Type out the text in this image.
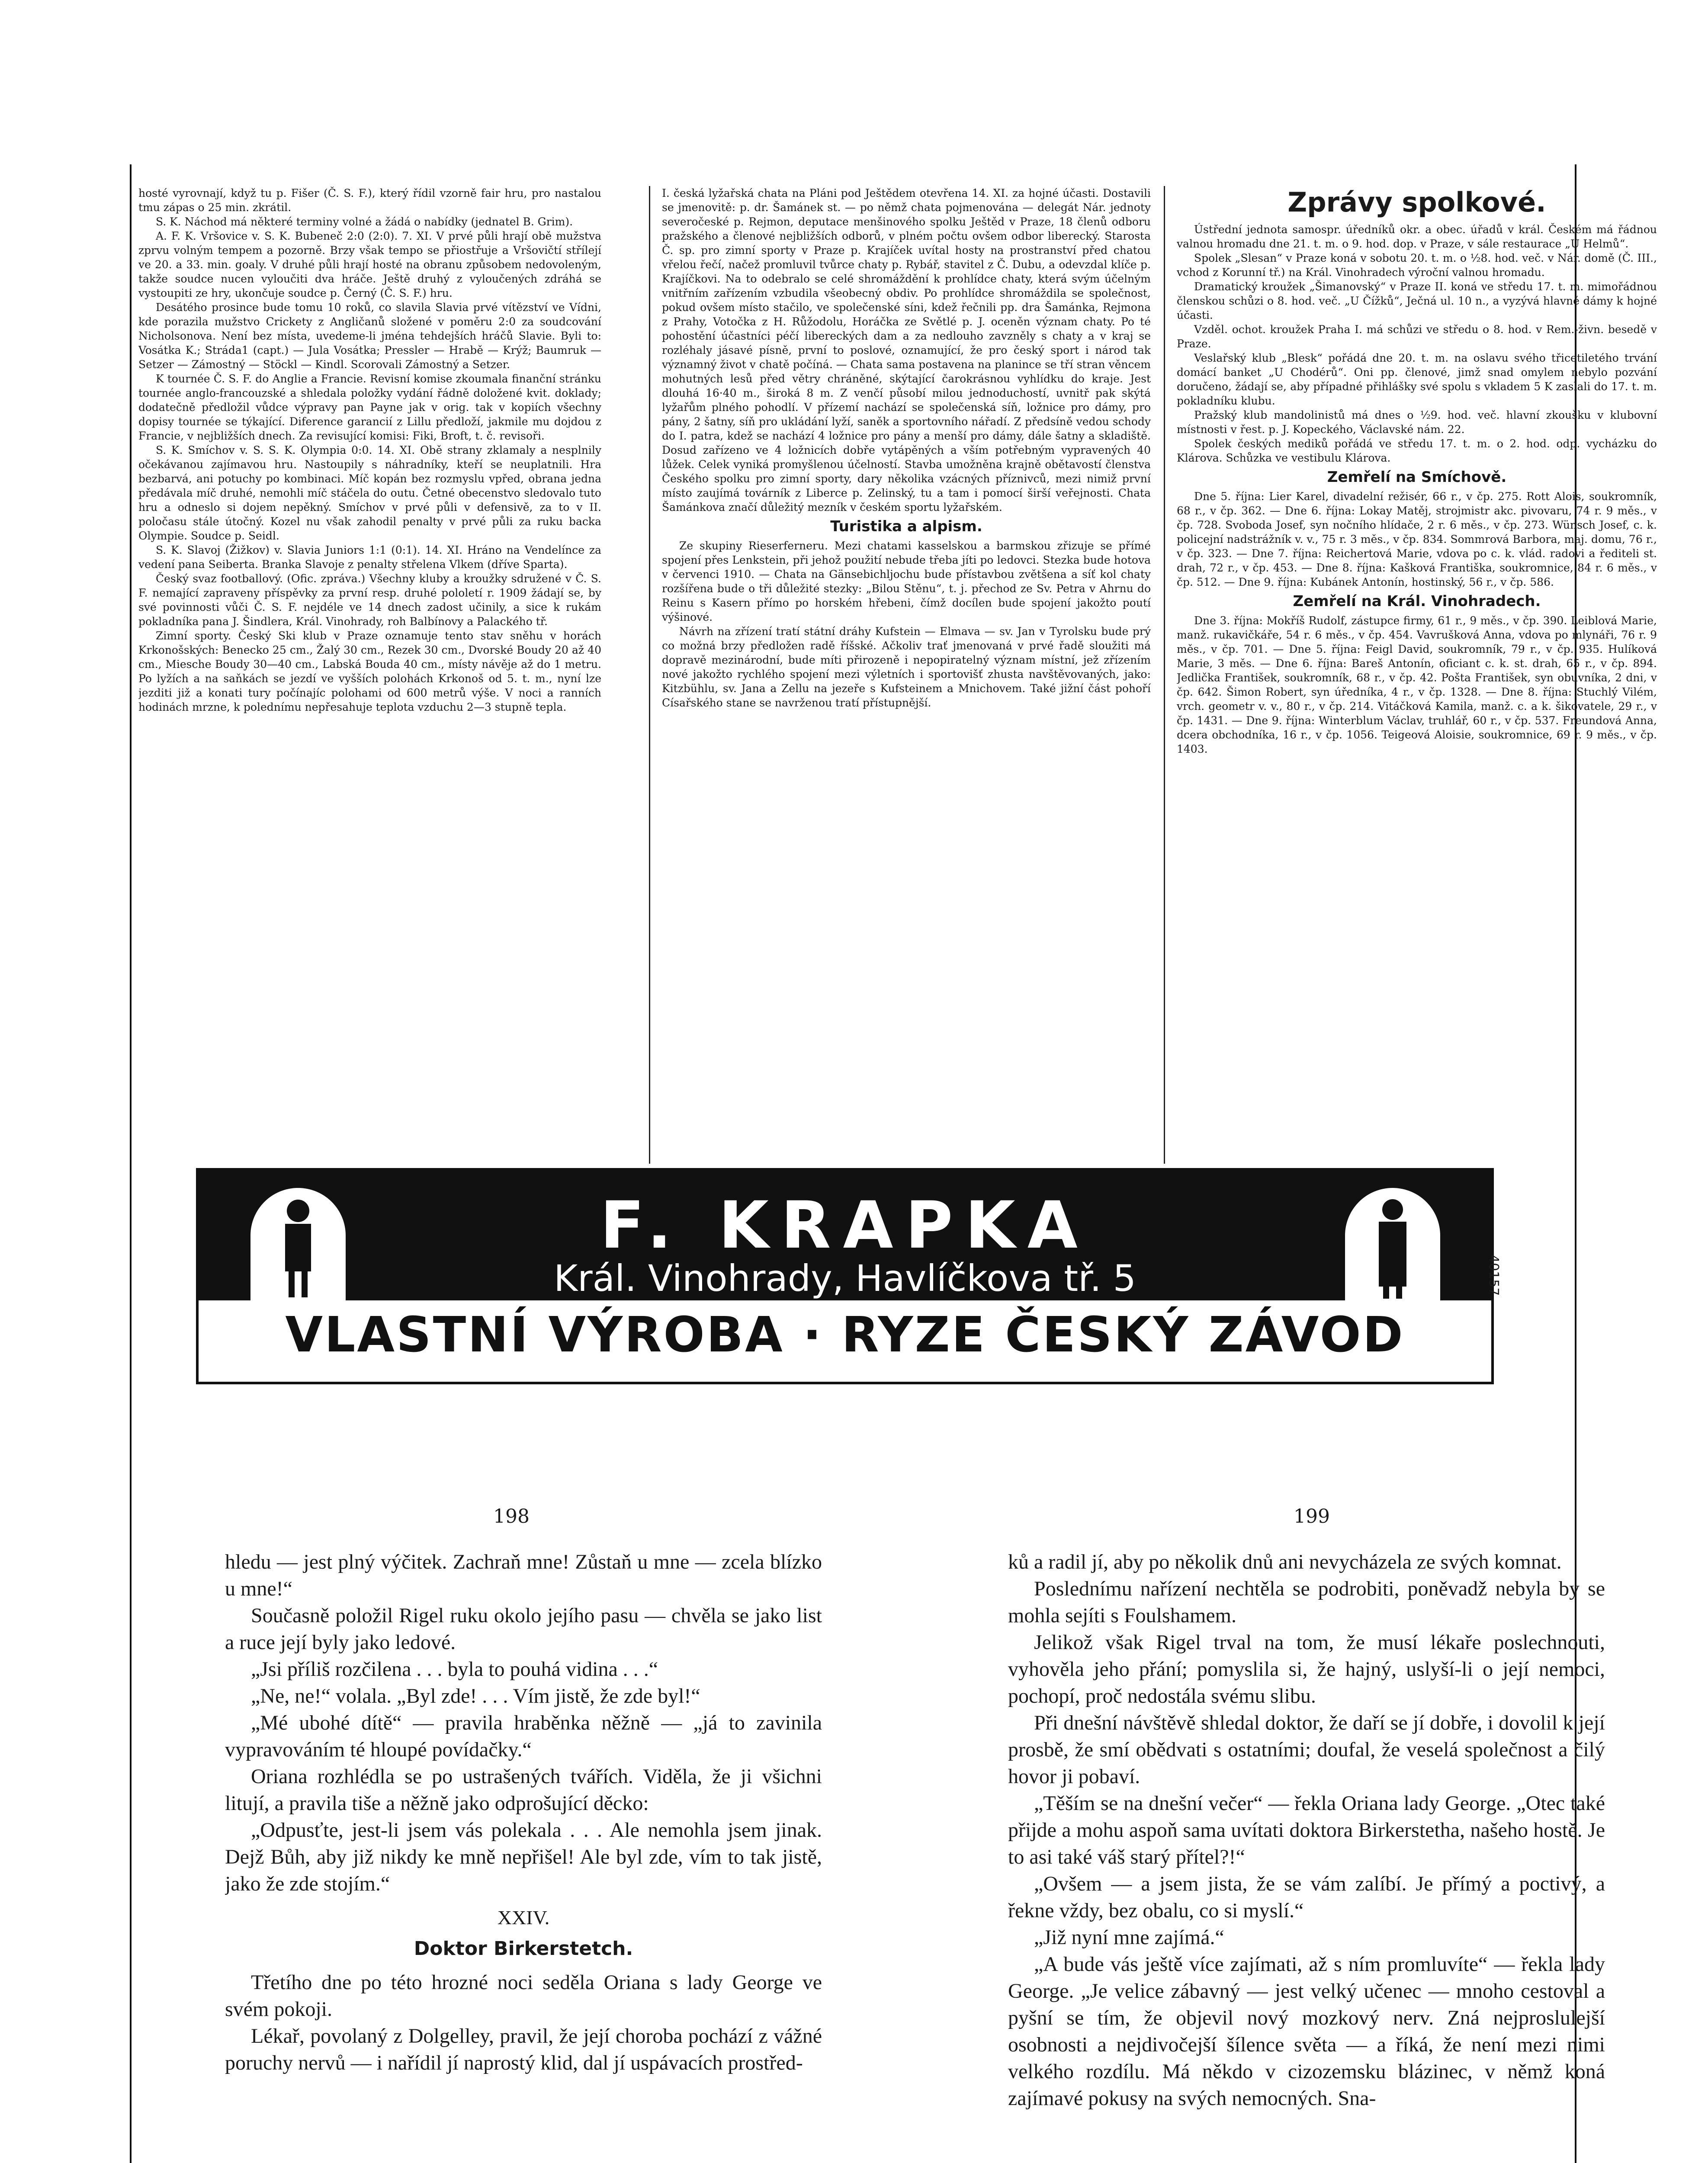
hosté vyrovnají, když tu p. Fišer (Č. S. F.), který řídil vzorně fair hru, pro nastalou tmu zápas o 25 min. zkrátil.

S. K. Náchod má některé terminy volné a žádá o nabídky (jednatel B. Grim).

A. F. K. Vršovice v. S. K. Bubeneč 2:0 (2:0). 7. XI. V prvé půli hrají obě mužstva zprvu volným tempem a pozorně. Brzy však tempo se přiostřuje a Vršovičtí střílejí ve 20. a 33. min. goaly. V druhé půli hrají hosté na obranu způsobem nedovoleným, takže soudce nucen vyloučiti dva hráče. Ještě druhý z vyloučených zdráhá se vystoupiti ze hry, ukončuje soudce p. Černý (Č. S. F.) hru.

Desátého prosince bude tomu 10 roků, co slavila Slavia prvé vítězství ve Vídni, kde porazila mužstvo Crickety z Angličanů složené v poměru 2:0 za soudcování Nicholsonova. Není bez místa, uvedeme-li jména tehdejších hráčů Slavie. Byli to: Vosátka K.; Stráda1 (capt.) — Jula Vosátka; Pressler — Hrabě — Krýž; Baumruk — Setzer — Zámostný — Stöckl — Kindl. Scorovali Zámostný a Setzer.

K tournée Č. S. F. do Anglie a Francie. Revisní komise zkoumala finanční stránku tournée anglo-francouzské a shledala položky vydání řádně doložené kvit. doklady; dodatečně předložil vůdce výpravy pan Payne jak v orig. tak v kopiích všechny dopisy tournée se týkající. Diference garancií z Lillu předloží, jakmile mu dojdou z Francie, v nejbližších dnech. Za revisující komisi: Fiki, Broft, t. č. revisoři.

S. K. Smíchov v. S. S. K. Olympia 0:0. 14. XI. Obě strany zklamaly a nesplnily očekávanou zajímavou hru. Nastoupily s náhradníky, kteří se neuplatnili. Hra bezbarvá, ani potuchy po kombinaci. Míč kopán bez rozmyslu vpřed, obrana jedna předávala míč druhé, nemohli míč stáčela do outu. Četné obecenstvo sledovalo tuto hru a odneslo si dojem nepěkný. Smíchov v prvé půli v defensivě, za to v II. poločasu stále útočný. Kozel nu však zahodil penalty v prvé půli za ruku backa Olympie. Soudce p. Seidl.

S. K. Slavoj (Žižkov) v. Slavia Juniors 1:1 (0:1). 14. XI. Hráno na Vendelínce za vedení pana Seiberta. Branka Slavoje z penalty střelena Vlkem (dříve Sparta).

Český svaz footballový. (Ofic. zpráva.) Všechny kluby a kroužky sdružené v Č. S. F. nemající zapraveny příspěvky za první resp. druhé pololetí r. 1909 žádají se, by své povinnosti vůči Č. S. F. nejdéle ve 14 dnech zadost učinily, a sice k rukám pokladníka pana J. Šindlera, Král. Vinohrady, roh Balbínovy a Palackého tř.

Zimní sporty. Český Ski klub v Praze oznamuje tento stav sněhu v horách Krkonošských: Benecko 25 cm., Žalý 30 cm., Rezek 30 cm., Dvorské Boudy 20 až 40 cm., Miesche Boudy 30—40 cm., Labská Bouda 40 cm., místy návěje až do 1 metru. Po lyžích a na saňkách se jezdí ve vyšších polohách Krkonoš od 5. t. m., nyní lze jezditi již a konati tury počínajíc polohami od 600 metrů výše. V noci a ranních hodinách mrzne, k polednímu nepřesahuje teplota vzduchu 2—3 stupně tepla.

I. česká lyžařská chata na Pláni pod Ještědem otevřena 14. XI. za hojné účasti. Dostavili se jmenovitě: p. dr. Šamánek st. — po němž chata pojmenována — delegát Nár. jednoty severočeské p. Rejmon, deputace menšinového spolku Ještěd v Praze, 18 členů odboru pražského a členové nejbližších odborů, v plném počtu ovšem odbor liberecký. Starosta Č. sp. pro zimní sporty v Praze p. Krajíček uvítal hosty na prostranství před chatou vřelou řečí, načež promluvil tvůrce chaty p. Rybář, stavitel z Č. Dubu, a odevzdal klíče p. Krajíčkovi. Na to odebralo se celé shromáždění k prohlídce chaty, která svým účelným vnitřním zařízením vzbudila všeobecný obdiv. Po prohlídce shromáždila se společnost, pokud ovšem místo stačilo, ve společenské síni, kdež řečnili pp. dra Šamánka, Rejmona z Prahy, Votočka z H. Růžodolu, Horáčka ze Světlé p. J. oceněn význam chaty. Po té pohostění účastníci péčí libereckých dam a za nedlouho zavzněly s chaty a v kraj se rozléhaly jásavé písně, první to poslové, oznamující, že pro český sport i národ tak významný život v chatě počíná. — Chata sama postavena na planince se tří stran věncem mohutných lesů před větry chráněné, skýtající čarokrásnou vyhlídku do kraje. Jest dlouhá 16·40 m., široká 8 m. Z venčí působí milou jednoduchostí, uvnitř pak skýtá lyžařům plného pohodlí. V přízemí nachází se společenská síň, ložnice pro dámy, pro pány, 2 šatny, síň pro ukládání lyží, saněk a sportovního nářadí. Z předsíně vedou schody do I. patra, kdež se nachází 4 ložnice pro pány a menší pro dámy, dále šatny a skladiště. Dosud zařízeno ve 4 ložnicích dobře vytápěných a vším potřebným vypravených 40 lůžek. Celek vyniká promyšlenou účelností. Stavba umožněna krajně obětavostí členstva Českého spolku pro zimní sporty, dary několika vzácných příznivců, mezi nimiž první místo zaujímá továrník z Liberce p. Zelinský, tu a tam i pomocí širší veřejnosti. Chata Šamánkova značí důležitý mezník v českém sportu lyžařském.

Turistika a alpism.

Ze skupiny Rieserferneru. Mezi chatami kasselskou a barmskou zřizuje se přímé spojení přes Lenkstein, při jehož použití nebude třeba jíti po ledovci. Stezka bude hotova v červenci 1910. — Chata na Gänsebichljochu bude přístavbou zvětšena a síť kol chaty rozšířena bude o tři důležité stezky: „Bilou Stěnu“, t. j. přechod ze Sv. Petra v Ahrnu do Reinu s Kasern přímo po horském hřebeni, čímž docílen bude spojení jakožto poutí výšinové.

Návrh na zřízení tratí státní dráhy Kufstein — Elmava — sv. Jan v Tyrolsku bude prý co možná brzy předložen radě říšské. Ačkoliv trať jmenovaná v prvé řadě sloužiti má dopravě mezinárodní, bude míti přirozeně i nepopiratelný význam místní, jež zřízením nové jakožto rychlého spojení mezi výletních i sportovišť zhusta navštěvovaných, jako: Kitzbühlu, sv. Jana a Zellu na jezeře s Kufsteinem a Mnichovem. Také jižní část pohoří Císařského stane se navrženou tratí přístupnější.

Zprávy spolkové.

Ústřední jednota samospr. úředníků okr. a obec. úřadů v král. Českém má řádnou valnou hromadu dne 21. t. m. o 9. hod. dop. v Praze, v sále restaurace „U Helmů“.

Spolek „Slesan“ v Praze koná v sobotu 20. t. m. o ½8. hod. več. v Nár. domě (Č. III., vchod z Korunní tř.) na Král. Vinohradech výroční valnou hromadu.

Dramatický kroužek „Šimanovský“ v Praze II. koná ve středu 17. t. m. mimořádnou členskou schůzi o 8. hod. več. „U Čížků“, Ječná ul. 10 n., a vyzývá hlavně dámy k hojné účasti.

Vzděl. ochot. kroužek Praha I. má schůzi ve středu o 8. hod. v Rem.-živn. besedě v Praze.

Veslařský klub „Blesk“ pořádá dne 20. t. m. na oslavu svého třicetiletého trvání domácí banket „U Chodérů“. Oni pp. členové, jimž snad omylem nebylo pozvání doručeno, žádají se, aby případné přihlášky své spolu s vkladem 5 K zaslali do 17. t. m. pokladníku klubu.

Pražský klub mandolinistů má dnes o ½9. hod. več. hlavní zkoušku v klubovní místnosti v řest. p. J. Kopeckého, Václavské nám. 22.

Spolek českých mediků pořádá ve středu 17. t. m. o 2. hod. odp. vycházku do Klárova. Schůzka ve vestibulu Klárova.

Zemřelí na Smíchově.

Dne 5. října: Lier Karel, divadelní režisér, 66 r., v čp. 275. Rott Alois, soukromník, 68 r., v čp. 362. — Dne 6. října: Lokay Matěj, strojmistr akc. pivovaru, 74 r. 9 měs., v čp. 728. Svoboda Josef, syn nočního hlídače, 2 r. 6 měs., v čp. 273. Wünsch Josef, c. k. policejní nadstrážník v. v., 75 r. 3 měs., v čp. 834. Sommrová Barbora, maj. domu, 76 r., v čp. 323. — Dne 7. října: Reichertová Marie, vdova po c. k. vlád. radovi a řediteli st. drah, 72 r., v čp. 453. — Dne 8. října: Kašková Františka, soukromnice, 84 r. 6 měs., v čp. 512. — Dne 9. října: Kubánek Antonín, hostinský, 56 r., v čp. 586.

Zemřelí na Král. Vinohradech.

Dne 3. října: Mokříš Rudolf, zástupce firmy, 61 r., 9 měs., v čp. 390. Leiblová Marie, manž. rukavičkáře, 54 r. 6 měs., v čp. 454. Vavrušková Anna, vdova po mlynáři, 76 r. 9 měs., v čp. 701. — Dne 5. října: Feigl David, soukromník, 79 r., v čp. 935. Hulíková Marie, 3 měs. — Dne 6. října: Bareš Antonín, oficiant c. k. st. drah, 65 r., v čp. 894. Jedlička František, soukromník, 68 r., v čp. 42. Pošta František, syn obuvníka, 2 dni, v čp. 642. Šimon Robert, syn úředníka, 4 r., v čp. 1328. — Dne 8. října: Stuchlý Vilém, vrch. geometr v. v., 80 r., v čp. 214. Vitáčková Kamila, manž. c. a k. šikovatele, 29 r., v čp. 1431. — Dne 9. října: Winterblum Václav, truhlář, 60 r., v čp. 537. Freundová Anna, dcera obchodníka, 16 r., v čp. 1056. Teigeová Aloisie, soukromnice, 69 r. 9 měs., v čp. 1403.

F. KRAPKA
Král. Vinohrady, Havlíčkova tř. 5
VLASTNÍ VÝROBA · RYZE ČESKÝ ZÁVOD
40157
198	199

hledu — jest plný výčitek. Zachraň mne! Zůstaň u mne — zcela blízko u mne!“

Současně položil Rigel ruku okolo jejího pasu — chvěla se jako list a ruce její byly jako ledové.

„Jsi příliš rozčilena . . . byla to pouhá vidina . . .“

„Ne, ne!“ volala. „Byl zde! . . . Vím jistě, že zde byl!“

„Mé ubohé dítě“ — pravila hraběnka něžně — „já to zavinila vypravováním té hloupé povídačky.“

Oriana rozhlédla se po ustrašených tvářích. Viděla, že ji všichni litují, a pravila tiše a něžně jako odprošující děcko:

„Odpusťte, jest-li jsem vás polekala . . . Ale nemohla jsem jinak. Dejž Bůh, aby již nikdy ke mně nepřišel! Ale byl zde, vím to tak jistě, jako že zde stojím.“

XXIV.

Doktor Birkerstetch.

Třetího dne po této hrozné noci seděla Oriana s lady George ve svém pokoji.

Lékař, povolaný z Dolgelley, pravil, že její choroba pochází z vážné poruchy nervů — i nařídil jí naprostý klid, dal jí uspávacích prostřed-

ků a radil jí, aby po několik dnů ani nevycházela ze svých komnat.

Poslednímu nařízení nechtěla se podrobiti, poněvadž nebyla by se mohla sejíti s Foulshamem.

Jelikož však Rigel trval na tom, že musí lékaře poslechnouti, vyhověla jeho přání; pomyslila si, že hajný, uslyší-li o její nemoci, pochopí, proč nedostála svému slibu.

Při dnešní návštěvě shledal doktor, že daří se jí dobře, i dovolil k její prosbě, že smí obědvati s ostatními; doufal, že veselá společnost a čilý hovor ji pobaví.

„Těším se na dnešní večer“ — řekla Oriana lady George. „Otec také přijde a mohu aspoň sama uvítati doktora Birkerstetha, našeho hostě. Je to asi také váš starý přítel?!“

„Ovšem — a jsem jista, že se vám zalíbí. Je přímý a poctivý, a řekne vždy, bez obalu, co si myslí.“

„Již nyní mne zajímá.“

„A bude vás ještě více zajímati, až s ním promluvíte“ — řekla lady George. „Je velice zábavný — jest velký učenec — mnoho cestoval a pyšní se tím, že objevil nový mozkový nerv. Zná nejproslulejší osobnosti a nejdivočejší šílence světa — a říká, že není mezi nimi velkého rozdílu. Má někdo v cizozemsku blázinec, v němž koná zajímavé pokusy na svých nemocných. Sna-
